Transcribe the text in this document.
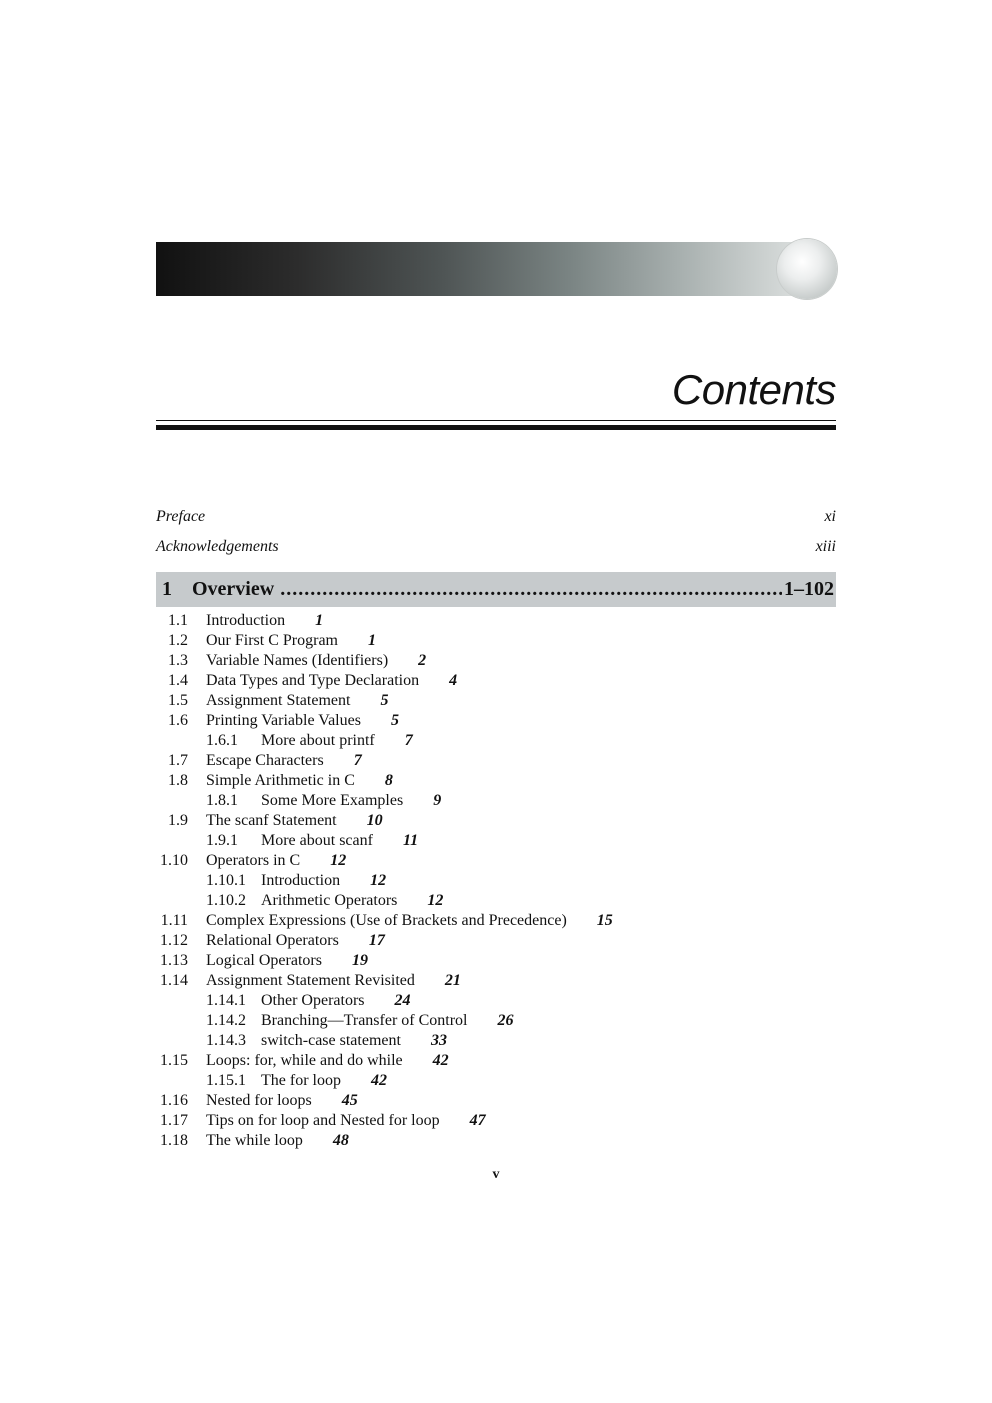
Contents
Preface	xi
Acknowledgements	xiii
1	Overview
.....	1–102
1.1 Introduction 1
1.2 Our First C Program 1
1.3 Variable Names (Identifiers) 2
1.4 Data Types and Type Declaration 4
1.5 Assignment Statement 5
1.6 Printing Variable Values 5
1.6.1 More about printf 7
1.7 Escape Characters 7
1.8 Simple Arithmetic in C 8
1.8.1 Some More Examples 9
1.9 The scanf Statement 10
1.9.1 More about scanf 11
1.10 Operators in C 12
1.10.1 Introduction 12
1.10.2 Arithmetic Operators 12
1.11 Complex Expressions (Use of Brackets and Precedence) 15
1.12 Relational Operators 17
1.13 Logical Operators 19
1.14 Assignment Statement Revisited 21
1.14.1 Other Operators 24
1.14.2 Branching—Transfer of Control 26
1.14.3 switch-case statement 33
1.15 Loops: for, while and do while 42
1.15.1 The for loop 42
1.16 Nested for loops 45
1.17 Tips on for loop and Nested for loop 47
1.18 The while loop 48
v
